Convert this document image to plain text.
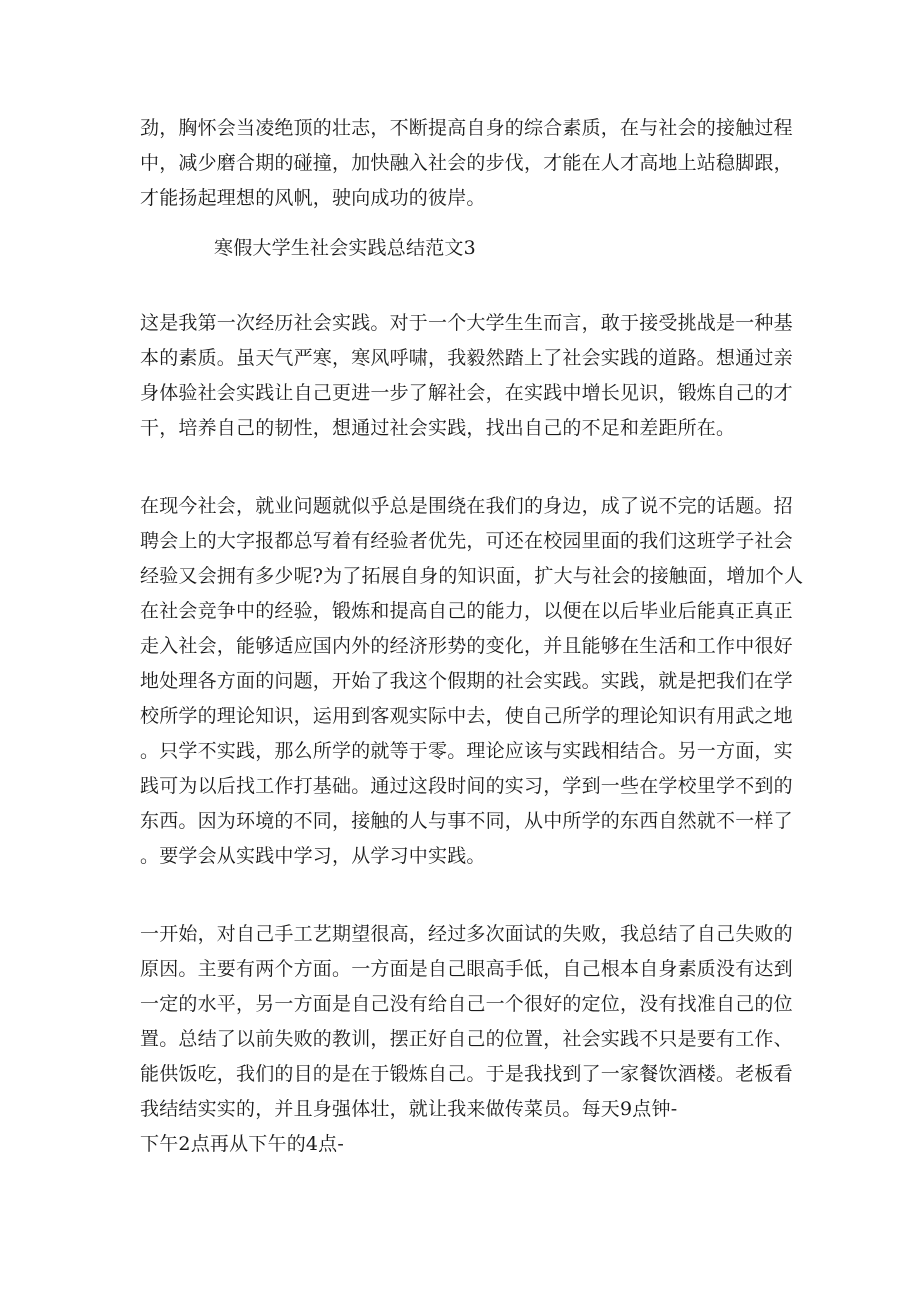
劲，胸怀会当凌绝顶的壮志，不断提高自身的综合素质，在与社会的接触过程
中，减少磨合期的碰撞，加快融入社会的步伐，才能在人才高地上站稳脚跟，
才能扬起理想的风帆，驶向成功的彼岸。
寒假大学生社会实践总结范文3
这是我第一次经历社会实践。对于一个大学生生而言，敢于接受挑战是一种基
本的素质。虽天气严寒，寒风呼啸，我毅然踏上了社会实践的道路。想通过亲
身体验社会实践让自己更进一步了解社会，在实践中增长见识，锻炼自己的才
干，培养自己的韧性，想通过社会实践，找出自己的不足和差距所在。
在现今社会，就业问题就似乎总是围绕在我们的身边，成了说不完的话题。招
聘会上的大字报都总写着有经验者优先，可还在校园里面的我们这班学子社会
经验又会拥有多少呢?为了拓展自身的知识面，扩大与社会的接触面，增加个人
在社会竞争中的经验，锻炼和提高自己的能力，以便在以后毕业后能真正真正
走入社会，能够适应国内外的经济形势的变化，并且能够在生活和工作中很好
地处理各方面的问题，开始了我这个假期的社会实践。实践，就是把我们在学
校所学的理论知识，运用到客观实际中去，使自己所学的理论知识有用武之地
。只学不实践，那么所学的就等于零。理论应该与实践相结合。另一方面，实
践可为以后找工作打基础。通过这段时间的实习，学到一些在学校里学不到的
东西。因为环境的不同，接触的人与事不同，从中所学的东西自然就不一样了
。要学会从实践中学习，从学习中实践。
一开始，对自己手工艺期望很高，经过多次面试的失败，我总结了自己失败的
原因。主要有两个方面。一方面是自己眼高手低，自己根本自身素质没有达到
一定的水平，另一方面是自己没有给自己一个很好的定位，没有找准自己的位
置。总结了以前失败的教训，摆正好自己的位置，社会实践不只是要有工作、
能供饭吃，我们的目的是在于锻炼自己。于是我找到了一家餐饮酒楼。老板看
我结结实实的，并且身强体壮，就让我来做传菜员。每天9点钟-
下午2点再从下午的4点-
